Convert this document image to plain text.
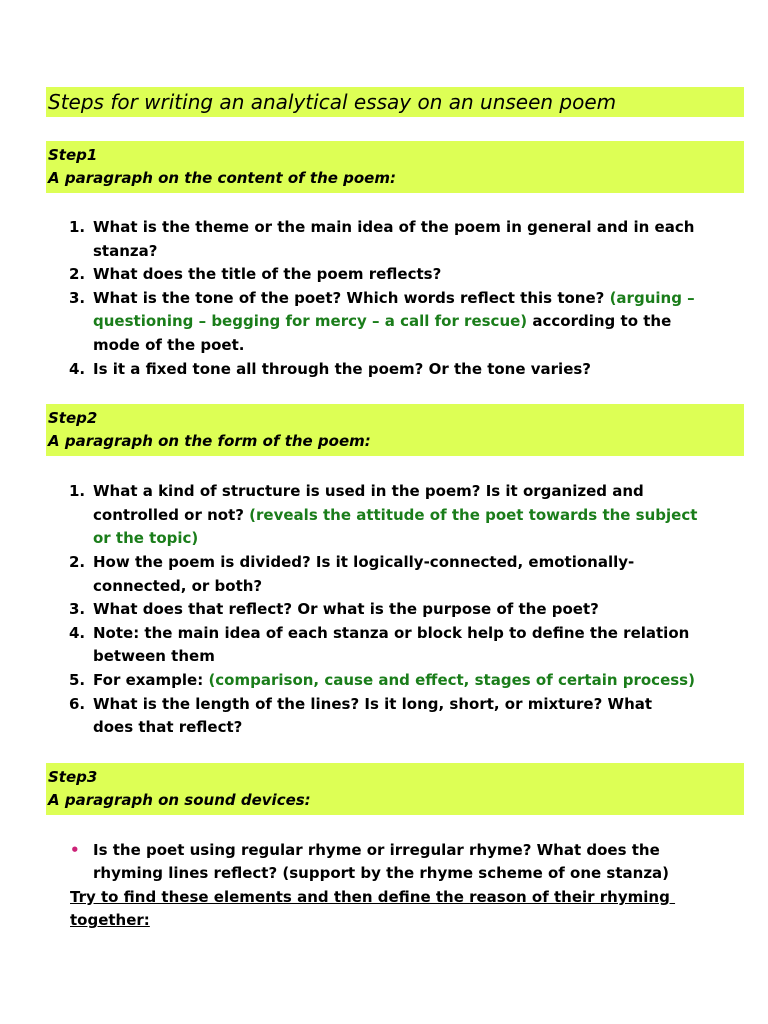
Steps for writing an analytical essay on an unseen poem
Step1
A paragraph on the content of the poem:
1. What is the theme or the main idea of the poem in general and in each
stanza?
2. What does the title of the poem reflects?
3. What is the tone of the poet? Which words reflect this tone? (arguing –
questioning – begging for mercy – a call for rescue) according to the
mode of the poet.
4. Is it a fixed tone all through the poem? Or the tone varies?
Step2
A paragraph on the form of the poem:
1. What a kind of structure is used in the poem? Is it organized and
controlled or not? (reveals the attitude of the poet towards the subject
or the topic)
2. How the poem is divided? Is it logically-connected, emotionally-
connected, or both?
3. What does that reflect? Or what is the purpose of the poet?
4. Note: the main idea of each stanza or block help to define the relation
between them
5. For example: (comparison, cause and effect, stages of certain process)
6. What is the length of the lines? Is it long, short, or mixture? What
does that reflect?
Step3
A paragraph on sound devices:
• Is the poet using regular rhyme or irregular rhyme? What does the
rhyming lines reflect? (support by the rhyme scheme of one stanza)
Try to find these elements and then define the reason of their rhyming
together:
